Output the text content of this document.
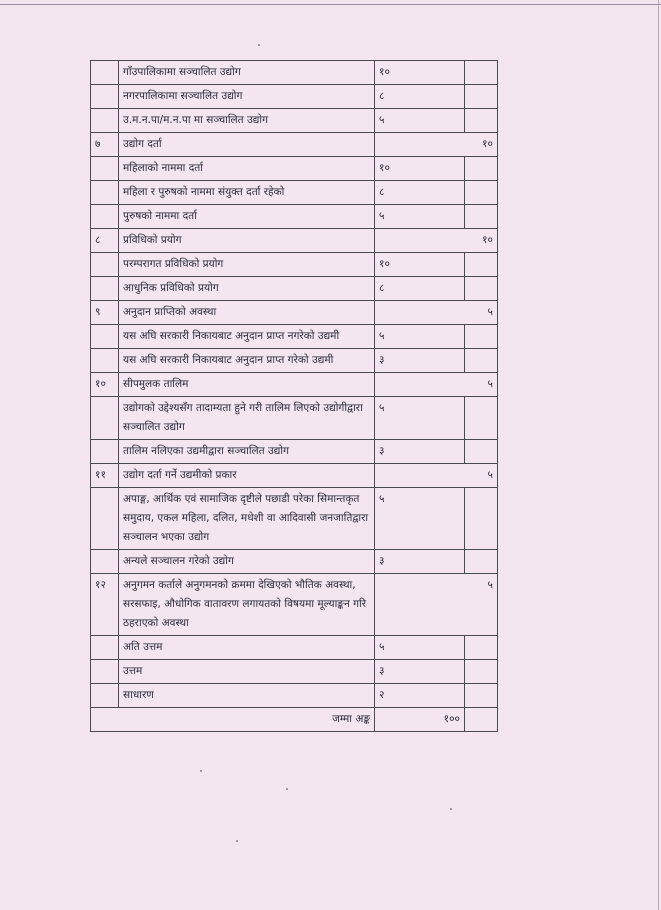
	गाँउपालिकामा सञ्चालित उद्योग	१०	
	नगरपालिकामा सञ्चालित उद्योग	८	
	उ.म.न.पा/म.न.पा मा सञ्चालित उद्योग	५	
७	उद्योग दर्ता	१०	
	महिलाको नाममा दर्ता	१०	
	महिला र पुरुषको नाममा संयुक्त दर्ता रहेको	८	
	पुरुषको नाममा दर्ता	५	
८	प्रविधिको प्रयोग	१०	
	परम्परागत प्रविधिको प्रयोग	१०	
	आधुनिक प्रविधिको प्रयोग	८	
९	अनुदान प्राप्तिको अवस्था	५	
	यस अघि सरकारी निकायबाट अनुदान प्राप्त नगरेको उद्यमी	५	
	यस अघि सरकारी निकायबाट अनुदान प्राप्त गरेको उद्यमी	३	
१०	सीपमुलक तालिम	५	
	उद्योगको उद्देश्यसँग तादाम्यता हुने गरी तालिम लिएको उद्योगीद्वारा सञ्चालित उद्योग	५	
	तालिम नलिएका उद्यमीद्वारा सञ्चालित उद्योग	३	
११	उद्योग दर्ता गर्ने उद्यमीको प्रकार	५	
	अपाङ्ग, आर्थिक एवं सामाजिक दृष्टीले पछाडी परेका सिमान्तकृत समुदाय, एकल महिला, दलित, मधेशी वा आदिवासी जनजातिद्वारा सञ्चालन भएका उद्योग	५	
	अन्यले सञ्चालन गरेको उद्योग	३	
१२	अनुगमन कर्ताले अनुगमनको क्रममा देखिएको भौतिक अवस्था, सरसफाइ, औधोगिक वातावरण लगायतको विषयमा मूल्याङ्कन गरि ठहराएको अवस्था	५	
	अति उत्तम	५	
	उत्तम	३	
	साधारण	२	
जम्मा अङ्क		१००	
